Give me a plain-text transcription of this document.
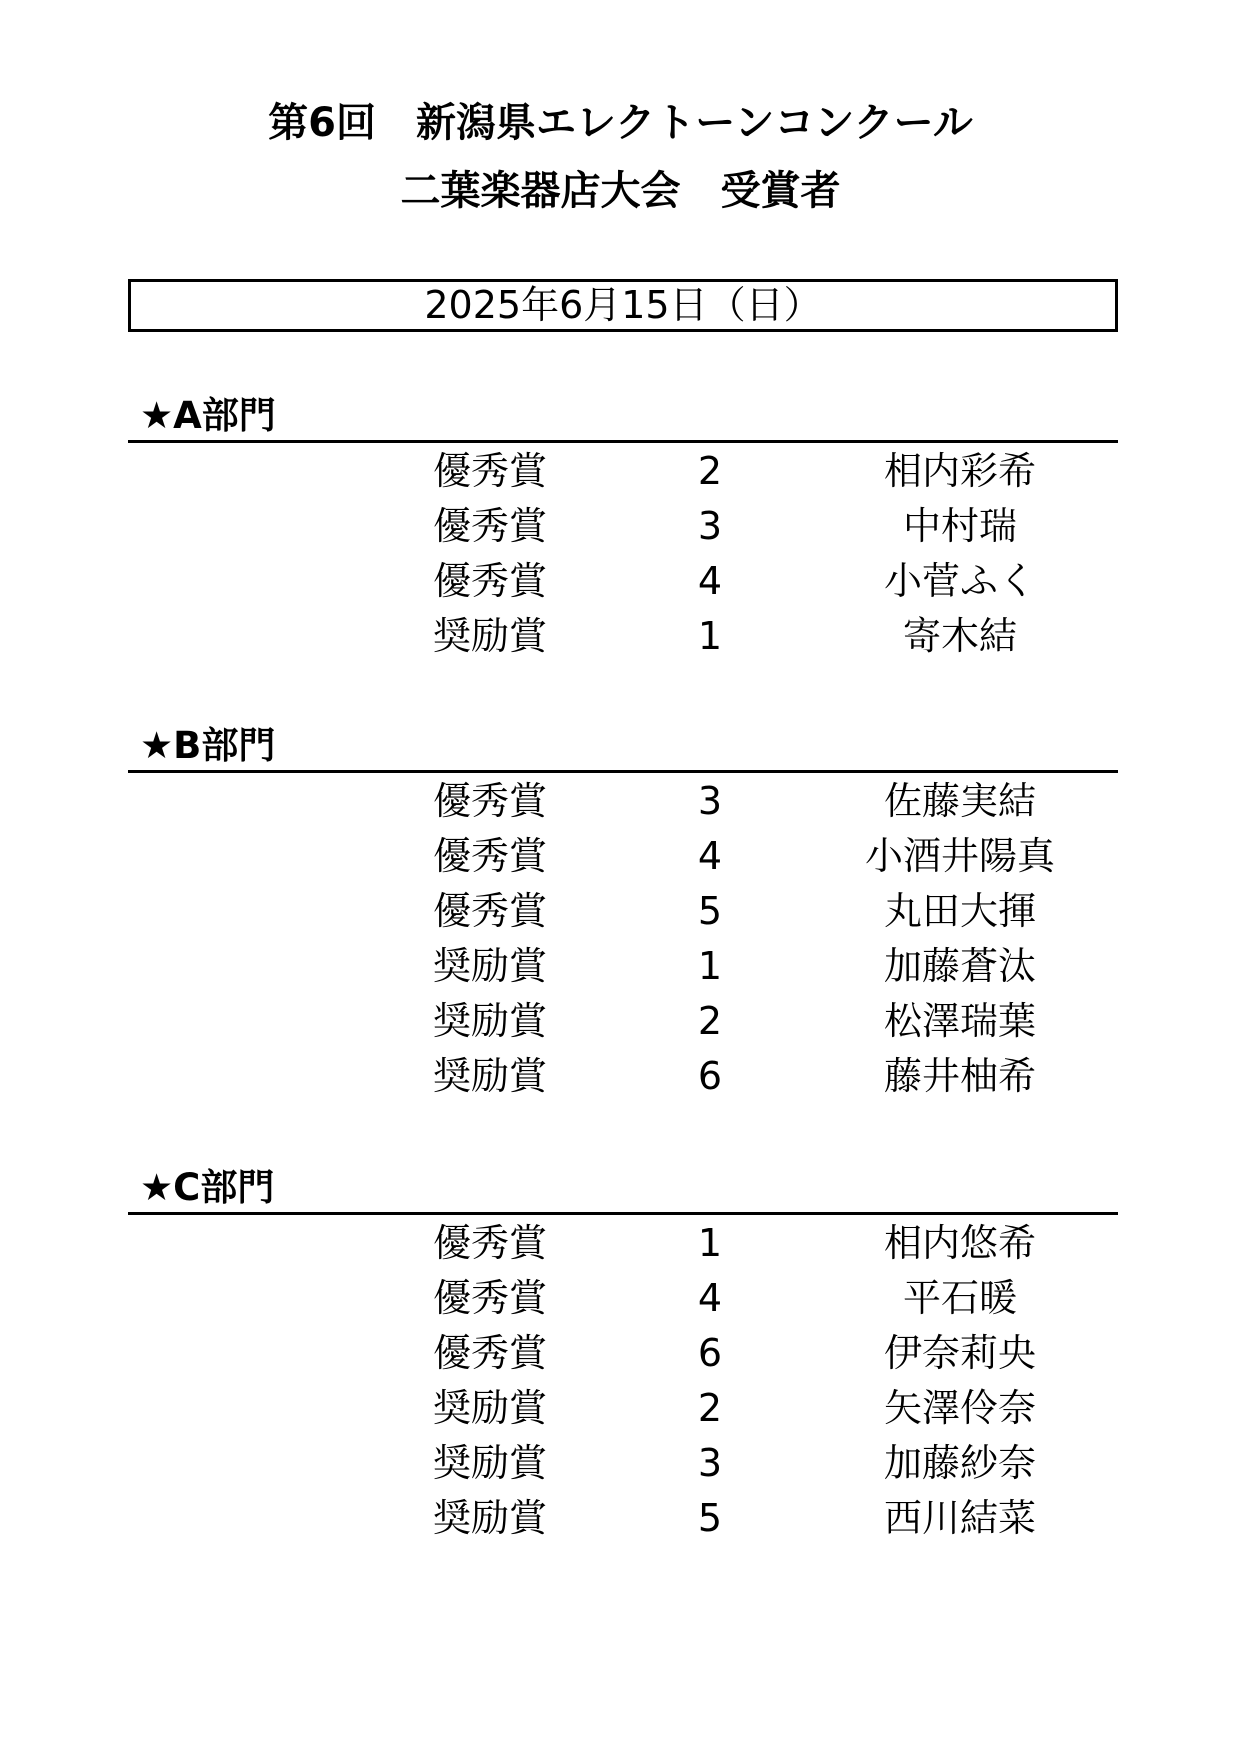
第6回　新潟県エレクトーンコンクール
二葉楽器店大会　受賞者
2025年6月15日（日）
★A部門
優秀賞	2	相内彩希
優秀賞	3	中村瑞
優秀賞	4	小菅ふく
奨励賞	1	寄木結
★B部門
優秀賞	3	佐藤実結
優秀賞	4	小酒井陽真
優秀賞	5	丸田大揮
奨励賞	1	加藤蒼汰
奨励賞	2	松澤瑞葉
奨励賞	6	藤井柚希
★C部門
優秀賞	1	相内悠希
優秀賞	4	平石暖
優秀賞	6	伊奈莉央
奨励賞	2	矢澤伶奈
奨励賞	3	加藤紗奈
奨励賞	5	西川結菜
